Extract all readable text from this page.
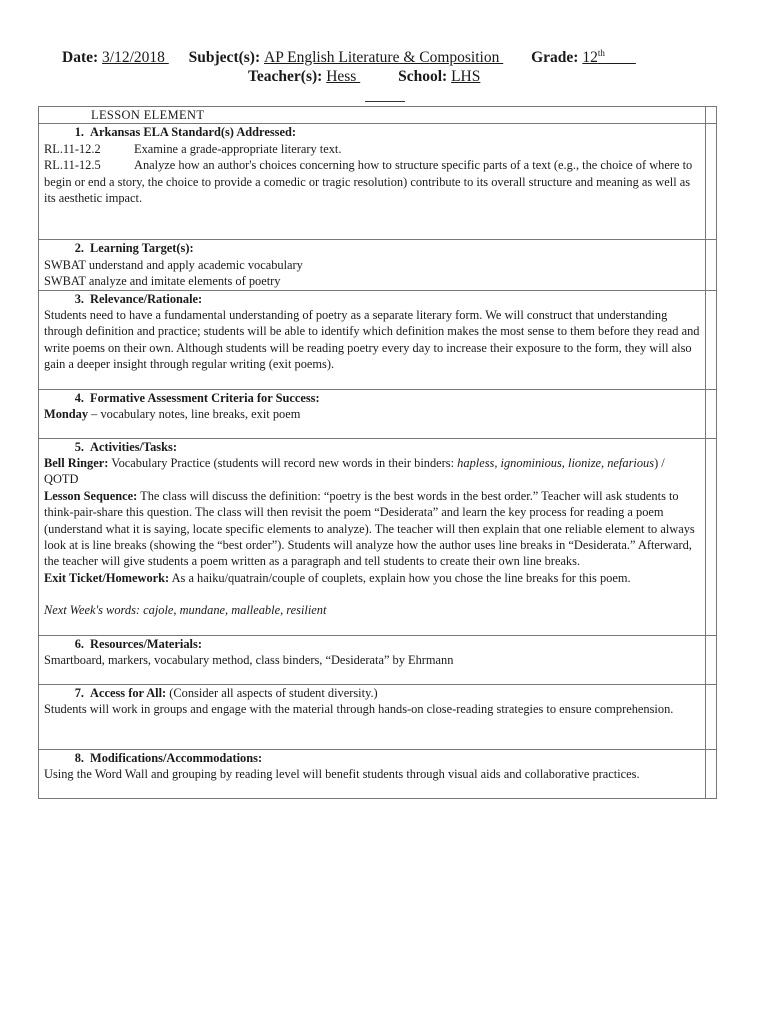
Date: 3/12/2018  Subject(s): AP English Literature & Composition  Grade: 12th
Teacher(s): Hess  School: LHS
LESSON ELEMENT	

1. Arkansas ELA Standard(s) Addressed:
RL.11-12.2 Examine a grade-appropriate literary text.
RL.11-12.5 Analyze how an author's choices concerning how to structure specific parts of a text (e.g., the choice of where to begin or end a story, the choice to provide a comedic or tragic resolution) contribute to its overall structure and meaning as well as its aesthetic impact.	

2. Learning Target(s):
SWBAT understand and apply academic vocabulary
SWBAT analyze and imitate elements of poetry	

3. Relevance/Rationale:
Students need to have a fundamental understanding of poetry as a separate literary form. We will construct that understanding through definition and practice; students will be able to identify which definition makes the most sense to them before they read and write poems on their own. Although students will be reading poetry every day to increase their exposure to the form, they will also gain a deeper insight through regular writing (exit poems).	

4. Formative Assessment Criteria for Success:
Monday – vocabulary notes, line breaks, exit poem	

5. Activities/Tasks:
Bell Ringer: Vocabulary Practice (students will record new words in their binders: hapless, ignominious, lionize, nefarious) / QOTD
Lesson Sequence: The class will discuss the definition: “poetry is the best words in the best order.” Teacher will ask students to think-pair-share this question. The class will then revisit the poem “Desiderata” and learn the key process for reading a poem (understand what it is saying, locate specific elements to analyze). The teacher will then explain that one reliable element to always look at is line breaks (showing the “best order”). Students will analyze how the author uses line breaks in “Desiderata.” Afterward, the teacher will give students a poem written as a paragraph and tell students to create their own line breaks.
Exit Ticket/Homework: As a haiku/quatrain/couple of couplets, explain how you chose the line breaks for this poem.
Next Week's words: cajole, mundane, malleable, resilient	

6. Resources/Materials:
Smartboard, markers, vocabulary method, class binders, “Desiderata” by Ehrmann	

7. Access for All: (Consider all aspects of student diversity.)
Students will work in groups and engage with the material through hands-on close-reading strategies to ensure comprehension.	

8. Modifications/Accommodations:
Using the Word Wall and grouping by reading level will benefit students through visual aids and collaborative practices.	
